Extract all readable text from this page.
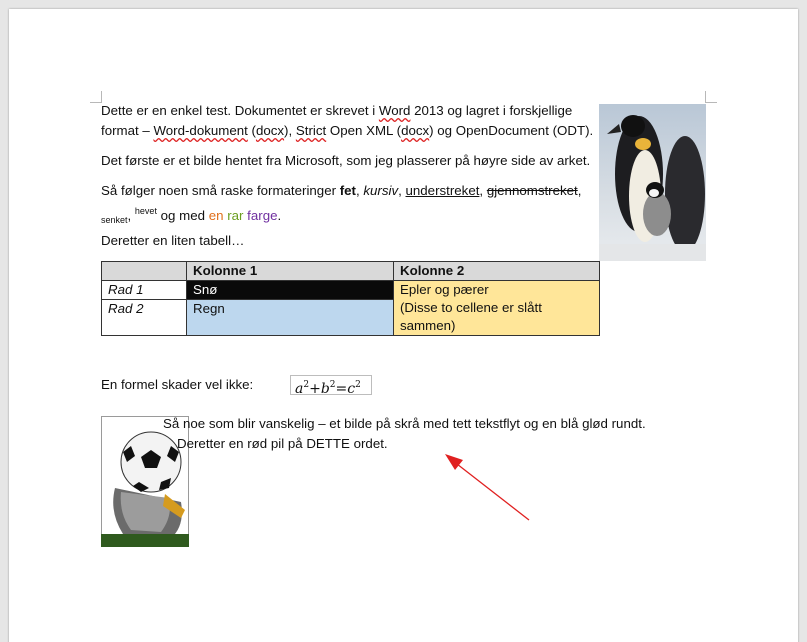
Dette er en enkel test. Dokumentet er skrevet i Word 2013 og lagret i forskjellige
format – Word-dokument (docx), Strict Open XML (docx) og OpenDocument (ODT).
Det første er et bilde hentet fra Microsoft, som jeg plasserer på høyre side av arket.
Så følger noen små raske formateringer fet, kursiv, understreket, gjennomstreket,
$_{senket}$, $^{hevet}$ og med en rar farge.
Deretter en liten tabell…
	Kolonne 1	Kolonne 2
Rad 1	Snø	Epler og pærer
(Disse to cellene er slått
sammen)

Rad 2	Regn	
En formel skader vel ikke:	$a^2+b^2=c^2$
Så noe som blir vanskelig – et bilde på skrå med tett tekstflyt og en blå glød rundt.
Deretter en rød pil på DETTE ordet.
